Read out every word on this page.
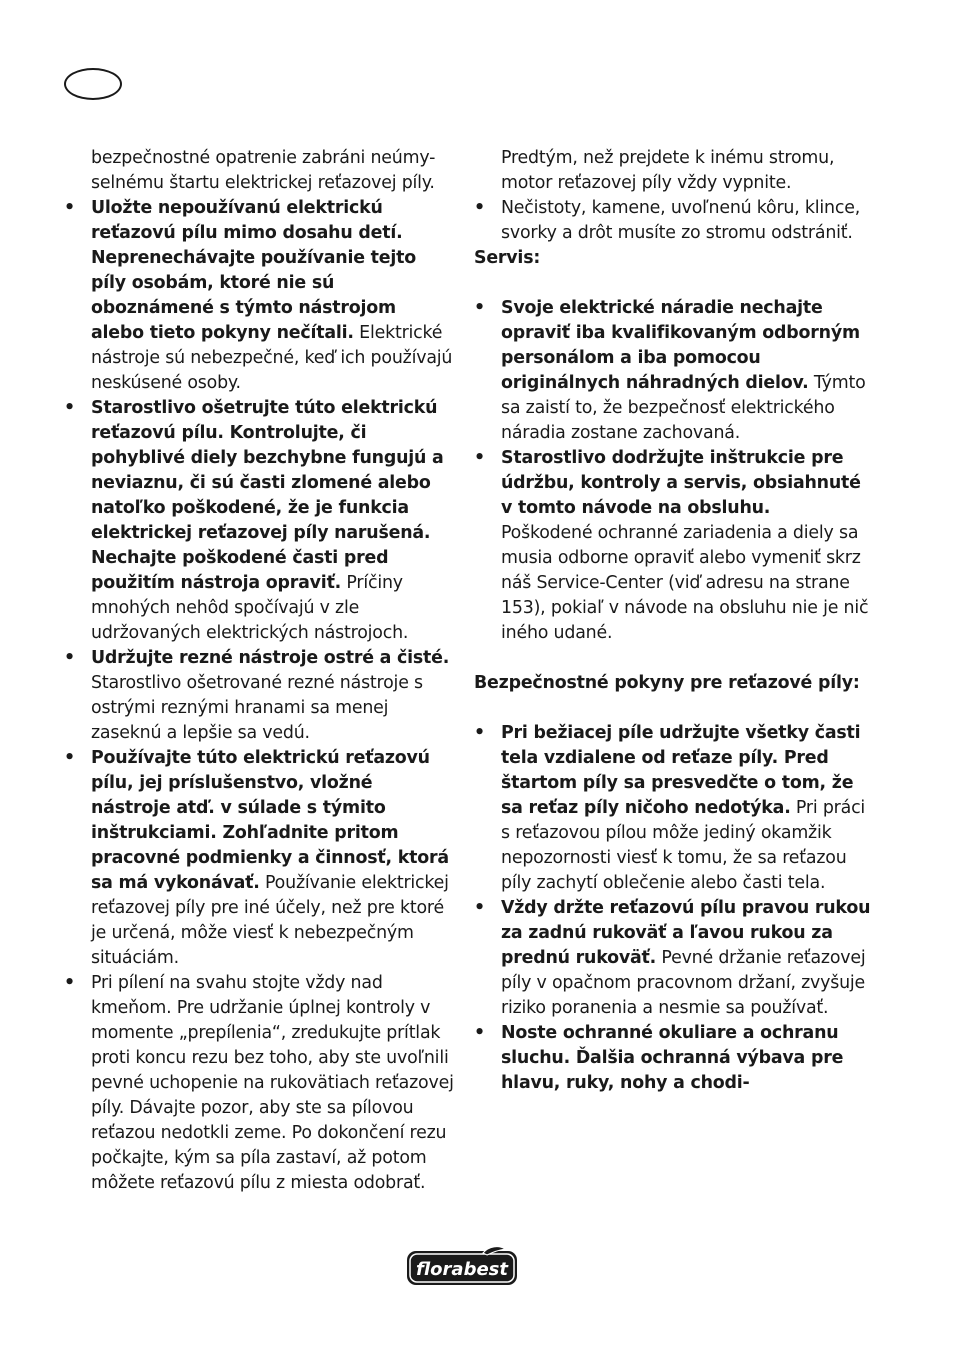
bezpečnostné opatrenie zabráni neúmy-selnému štartu elektrickej reťazovej píly.

• Uložte nepoužívanú elektrickú reťazovú pílu mimo dosahu detí. Neprenechávajte používanie tejto píly osobám, ktoré nie sú oboznámené s týmto nástrojom alebo tieto pokyny nečítali. Elektrické nástroje sú nebezpečné, keď ich používajú neskúsené osoby.
• Starostlivo ošetrujte túto elektrickú reťazovú pílu. Kontrolujte, či pohyblivé diely bezchybne fungujú a neviaznu, či sú časti zlomené alebo natoľko poškodené, že je funkcia elektrickej reťazovej píly narušená. Nechajte poškodené časti pred použitím nástroja opraviť. Príčiny mnohých nehôd spočívajú v zle udržovaných elektrických nástrojoch.
• Udržujte rezné nástroje ostré a čisté. Starostlivo ošetrované rezné nástroje s ostrými reznými hranami sa menej zaseknú a lepšie sa vedú.
• Používajte túto elektrickú reťazovú pílu, jej príslušenstvo, vložné nástroje atď. v súlade s týmito inštrukciami. Zohľadnite pritom pracovné podmienky a činnosť, ktorá sa má vykonávať. Používanie elektrickej reťazovej píly pre iné účely, než pre ktoré je určená, môže viesť k nebezpečným situáciám.
• Pri pílení na svahu stojte vždy nad kmeňom. Pre udržanie úplnej kontroly v momente „prepílenia“, zredukujte prítlak proti koncu rezu bez toho, aby ste uvoľnili pevné uchopenie na rukovätiach reťazovej píly. Dávajte pozor, aby ste sa pílovou reťazou nedotkli zeme. Po dokončení rezu počkajte, kým sa píla zastaví, až potom môžete reťazovú pílu z miesta odobrať.

Predtým, než prejdete k inému stromu, motor reťazovej píly vždy vypnite.

• Nečistoty, kamene, uvoľnenú kôru, klince, svorky a drôt musíte zo stromu odstrániť.

Servis:

• Svoje elektrické náradie nechajte opraviť iba kvalifikovaným odborným personálom a iba pomocou originálnych náhradných dielov. Týmto sa zaistí to, že bezpečnosť elektrického náradia zostane zachovaná.
• Starostlivo dodržujte inštrukcie pre údržbu, kontroly a servis, obsiahnuté v tomto návode na obsluhu.
Poškodené ochranné zariadenia a diely sa musia odborne opraviť alebo vymeniť skrz náš Service-Center (viď adresu na strane 153), pokiaľ v návode na obsluhu nie je nič iného udané.

Bezpečnostné pokyny pre reťazové píly:

• Pri bežiacej píle udržujte všetky časti tela vzdialene od reťaze píly. Pred štartom píly sa presvedčte o tom, že sa reťaz píly ničoho nedotýka. Pri práci s reťazovou pílou môže jediný okamžik nepozornosti viesť k tomu, že sa reťazou píly zachytí oblečenie alebo časti tela.
• Vždy držte reťazovú pílu pravou rukou za zadnú rukoväť a ľavou rukou za prednú rukoväť. Pevné držanie reťazovej píly v opačnom pracovnom držaní, zvyšuje riziko poranenia a nesmie sa používať.
• Noste ochranné okuliare a ochranu sluchu. Ďalšia ochranná výbava pre hlavu, ruky, nohy a chodi-
florabest
